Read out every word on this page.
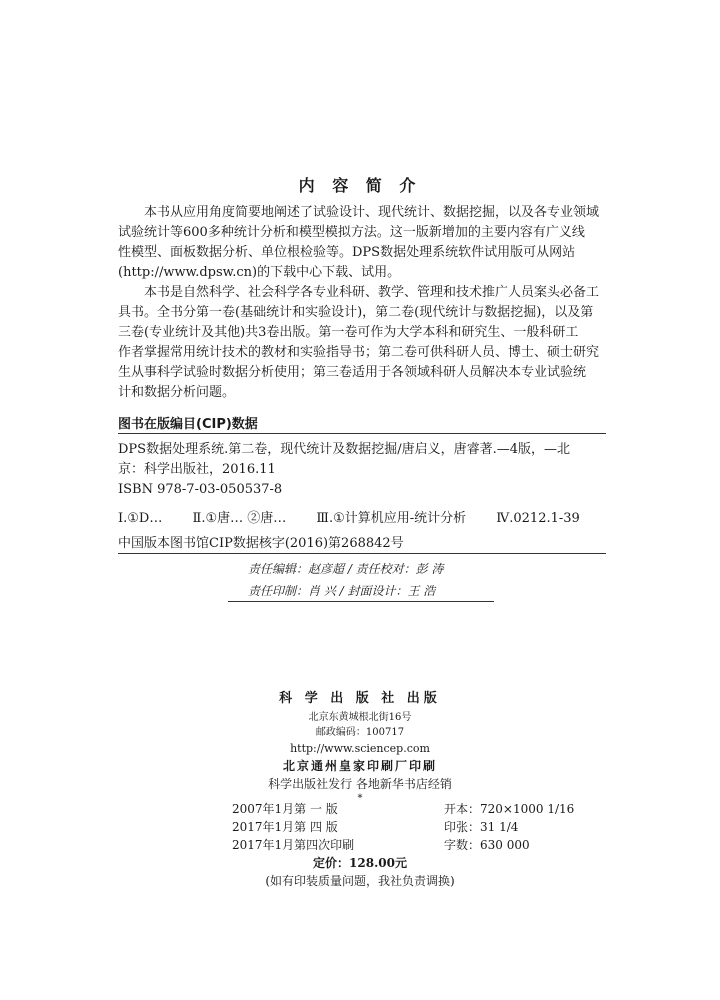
内 容 简 介
本书从应用角度简要地阐述了试验设计、现代统计、数据挖掘，以及各专业领域
试验统计等600多种统计分析和模型模拟方法。这一版新增加的主要内容有广义线
性模型、面板数据分析、单位根检验等。DPS数据处理系统软件试用版可从网站
(http://www.dpsw.cn)的下载中心下载、试用。
本书是自然科学、社会科学各专业科研、教学、管理和技术推广人员案头必备工
具书。全书分第一卷(基础统计和实验设计)，第二卷(现代统计与数据挖掘)，以及第
三卷(专业统计及其他)共3卷出版。第一卷可作为大学本科和研究生、一般科研工
作者掌握常用统计技术的教材和实验指导书；第二卷可供科研人员、博士、硕士研究
生从事科学试验时数据分析使用；第三卷适用于各领域科研人员解决本专业试验统
计和数据分析问题。
图书在版编目(CIP)数据
DPS数据处理系统.第二卷，现代统计及数据挖掘/唐启义，唐睿著.—4版，—北
京：科学出版社，2016.11
ISBN 978-7-03-050537-8
Ⅰ.①D… Ⅱ.①唐… ②唐… Ⅲ.①计算机应用-统计分析 Ⅳ.0212.1-39
中国版本图书馆CIP数据核字(2016)第268842号
责任编辑：赵彦超 / 责任校对：彭 涛
责任印制：肖 兴 / 封面设计：王 浩
科 学 出 版 社 出版
北京东黄城根北街16号
邮政编码：100717
http://www.sciencep.com
北京通州皇家印刷厂印刷
科学出版社发行 各地新华书店经销
*
2007年1月第 一 版	开本：720×1000 1/16
2017年1月第 四 版	印张：31 1/4
2017年1月第四次印刷	字数：630 000
定价：128.00元
(如有印装质量问题，我社负责调换)
